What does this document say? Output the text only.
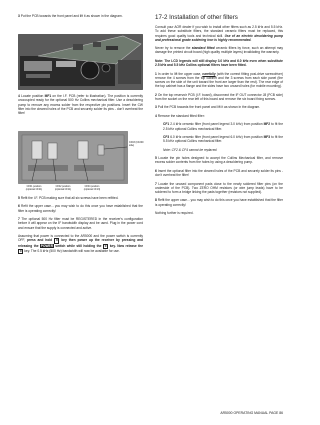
3 Put the PCB towards the front panel and lift it as shown in the diagram.

4 Locate position MF1 on the I.F. PCB (refer to illustration). The position is currently unoccupied ready for the optional 500 Hz Collins mechanical filter. Use a desoldering pump to remove any excess solder from the respective pin positions. Insert the CW filter into the cleared holes of the PCB and securely solder its pins - don't overheat the filter!

CF03 (CF200 side)
CF01 position (optional CF21)
CF02 position (optional CF11)
CF04 position (optional CF13)

5 Refit the I.F. PCB making sure that all six screws have been refitted.

6 Refit the upper case... you may wish to do this once you have established that the filter is operating correctly!

7 The optional 500 Hz filter must be REGISTERED in the receiver's configuration before it will appear on the IF bandwidth display and be used. Plug in the power cord and ensure that the supply is connected and active.

Assuming that power is connected to the AR5000 and the power switch is currently OFF, press and hold 5 key then power up the receiver by pressing and releasing the POWER switch while still holding the 5 key. Now release the 5 key. The 0.5 kHz (500 Hz) bandwidth will now be available for use.

17-2 Installation of other filters

Consult your AOR dealer if you wish to install other filters such as 2.5 kHz and 5.5 kHz. To add these substitute filters, the standard ceramic filters must be replaced, this requires good quality tools and technical skill. Use of an electric desoldering pump and professional grade soldering iron is highly recommended.

Never try to remove the standard fitted ceramic filters by force, such an attempt may damage the printed circuit board (high quality multiple layers) invalidating the warranty.

Note: The LCD legends will still display 3.0 kHz and 6.0 kHz even when substitute 2.5 kHz and 5.5 kHz Collins optional filters have been fitted.

1 In order to lift the upper case, carefully (with the correct fitting posi-drive screwdriver) remove the 4 screws from the top cabinet and the 3 screws from each side panel (the screws on the side of the unit toward the front are larger than the rest). The rear edge of the top cabinet has a flange and the sides have two unused holes (for mobile mounting).

2 On the top reservoir PCB (I.F. board), disconnect the IF OUT connector J8 (PCB side) from the socket on the rear left of this board and remove the six board fixing screws.

3 Pull the PCB towards the front panel and lift it as shown in the diagram.

4 Remove the standard fitted filter:

CF1 2.4 kHz ceramic filter (front panel legend 3.0 kHz) from position MF2 to fit the 2.5 kHz optional Collins mechanical filter.

CF3 6.0 kHz ceramic filter (front panel legend 6.0 kHz) from position MF3 to fit the 5.5 kHz optional Collins mechanical filter.

Note: CF2 & CF4 cannot be replaced.

5 Locate the pin holes designed to accept the Collins Mechanical filter, and remove excess solder contents from the holes by using a desoldering pump.

6 Insert the optional filter into the cleared holes of the PCB and securely solder its pins - don't overheat the filter!

7 Locate the unused component pads close to the newly soldered filter pins (on the underside of the PCB). Two ZERO OHM resistors (or wire jump leads) have to be soldered to form a bridge linking the pads together (resistors not supplied).

8 Refit the upper case... you may wish to do this once you have established that the filter is operating correctly!

Nothing further is required.

AR5000 OPERATING MANUAL PAGE 86
